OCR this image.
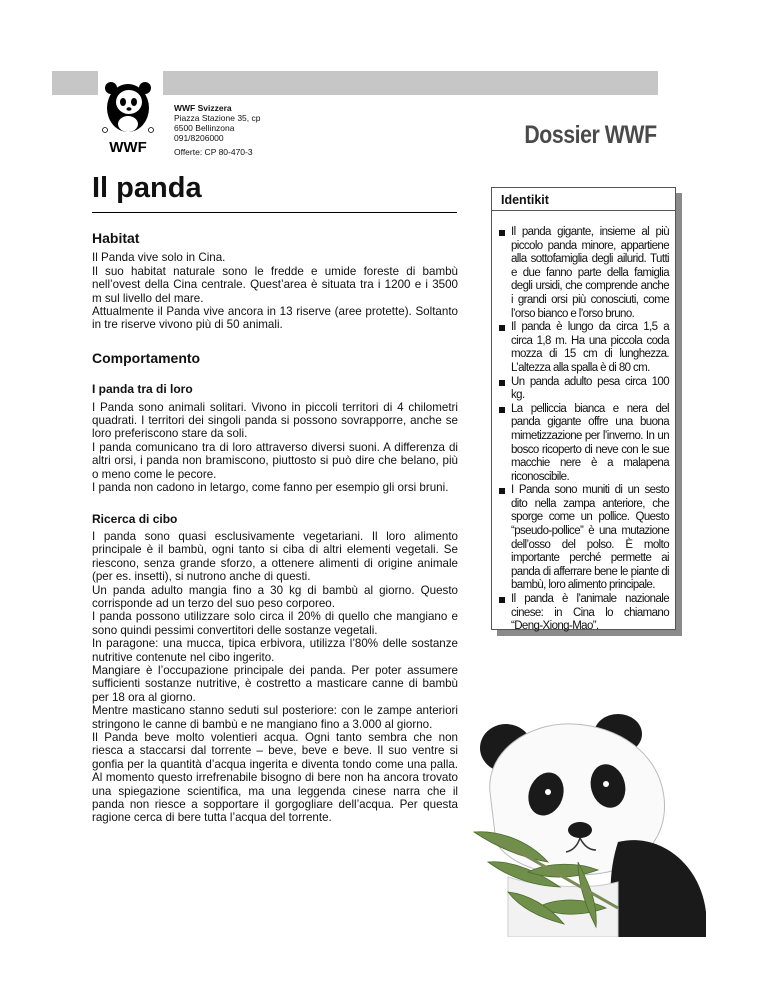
WWF
WWF Svizzera
Piazza Stazione 35, cp
6500 Bellinzona
091/8206000
Offerte: CP 80-470-3
Dossier WWF
Il panda
Habitat

Il Panda vive solo in Cina.

Il suo habitat naturale sono le fredde e umide foreste di bambù nell’ovest della Cina centrale. Quest’area è situata tra i 1200 e i 3500 m sul livello del mare.

Attualmente il Panda vive ancora in 13 riserve (aree protette). Soltanto in tre riserve vivono più di 50 animali.

Comportamento
I panda tra di loro

I Panda sono animali solitari. Vivono in piccoli territori di 4 chilometri quadrati. I territori dei singoli panda si possono sovrapporre, anche se loro preferiscono stare da soli.

I panda comunicano tra di loro attraverso diversi suoni. A differenza di altri orsi, i panda non bramiscono, piuttosto si può dire che belano, più o meno come le pecore.

I panda non cadono in letargo, come fanno per esempio gli orsi bruni.

Ricerca di cibo

I panda sono quasi esclusivamente vegetariani. Il loro alimento principale è il bambù, ogni tanto si ciba di altri elementi vegetali. Se riescono, senza grande sforzo, a ottenere alimenti di origine animale (per es. insetti), si nutrono anche di questi.

Un panda adulto mangia fino a 30 kg di bambù al giorno. Questo corrisponde ad un terzo del suo peso corporeo.

I panda possono utilizzare solo circa il 20% di quello che mangiano e sono quindi pessimi convertitori delle sostanze vegetali.

In paragone: una mucca, tipica erbivora, utilizza l’80% delle sostanze nutritive contenute nel cibo ingerito.

Mangiare è l’occupazione principale dei panda. Per poter assumere sufficienti sostanze nutritive, è costretto a masticare canne di bambù per 18 ora al giorno.

Mentre masticano stanno seduti sul posteriore: con le zampe anteriori stringono le canne di bambù e ne mangiano fino a 3.000 al giorno.

Il Panda beve molto volentieri acqua. Ogni tanto sembra che non riesca a staccarsi dal torrente – beve, beve e beve. Il suo ventre si gonfia per la quantità d’acqua ingerita e diventa tondo come una palla. Al momento questo irrefrenabile bisogno di bere non ha ancora trovato una spiegazione scientifica, ma una leggenda cinese narra che il panda non riesce a sopportare il gorgogliare dell’acqua. Per questa ragione cerca di bere tutta l’acqua del torrente.

Identikit
Il panda gigante, insieme al più piccolo panda minore, appartiene alla sottofamiglia degli ailurid. Tutti e due fanno parte della famiglia degli ursidi, che comprende anche i grandi orsi più conosciuti, come l’orso bianco e l’orso bruno.
Il panda è lungo da circa 1,5 a circa 1,8 m. Ha una piccola coda mozza di 15 cm di lunghezza. L’altezza alla spalla è di 80 cm.
Un panda adulto pesa circa 100 kg.
La pelliccia bianca e nera del panda gigante offre una buona mimetizzazione per l’inverno. In un bosco ricoperto di neve con le sue macchie nere è a malapena riconoscibile.
I Panda sono muniti di un sesto dito nella zampa anteriore, che sporge come un pollice. Questo “pseudo-pollice” è una mutazione dell’osso del polso. È molto importante perché permette ai panda di afferrare bene le piante di bambù, loro alimento principale.
Il panda è l’animale nazionale cinese: in Cina lo chiamano “Deng-Xiong-Mao”.
